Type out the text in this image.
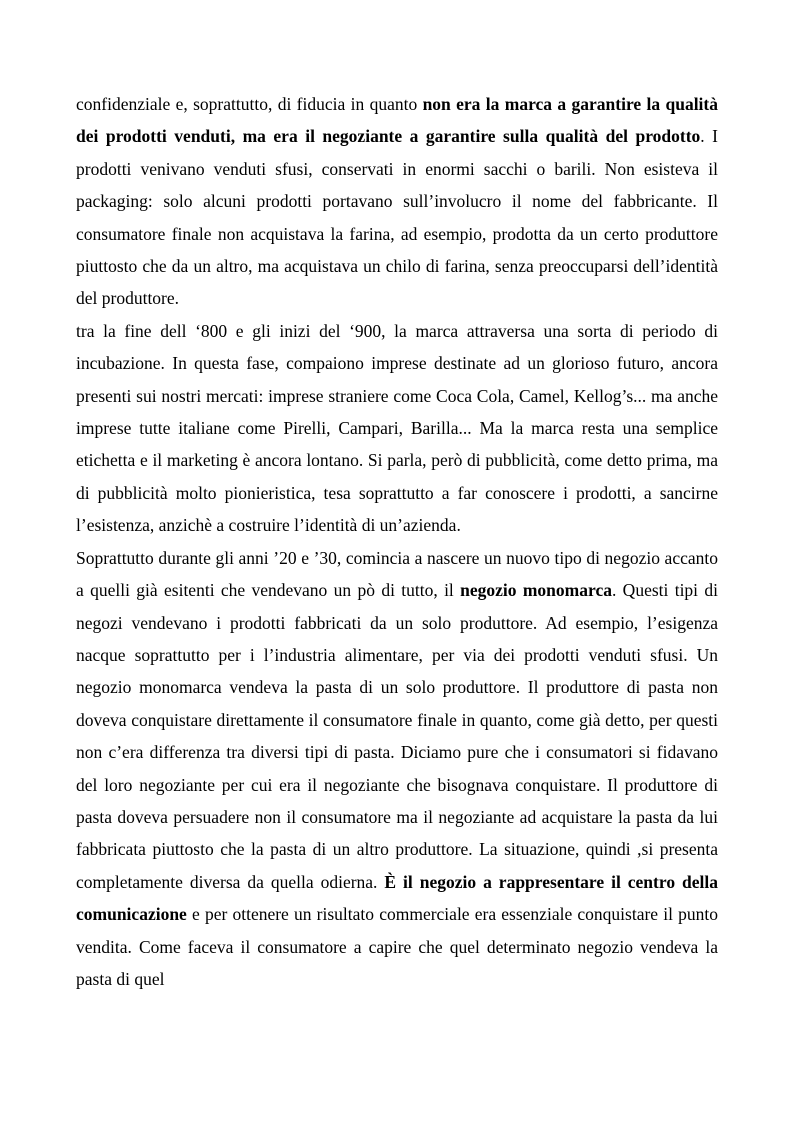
confidenziale e, soprattutto, di fiducia in quanto non era la marca a garantire la qualità dei prodotti venduti, ma era il negoziante a garantire sulla qualità del prodotto. I prodotti venivano venduti sfusi, conservati in enormi sacchi o barili. Non esisteva il packaging: solo alcuni prodotti portavano sull’involucro il nome del fabbricante. Il consumatore finale non acquistava la farina, ad esempio, prodotta da un certo produttore piuttosto che da un altro, ma acquistava un chilo di farina, senza preoccuparsi dell’identità del produttore.

tra la fine dell ‘800 e gli inizi del ‘900, la marca attraversa una sorta di periodo di incubazione. In questa fase, compaiono imprese destinate ad un glorioso futuro, ancora presenti sui nostri mercati: imprese straniere come Coca Cola, Camel, Kellog’s... ma anche imprese tutte italiane come Pirelli, Campari, Barilla... Ma la marca resta una semplice etichetta e il marketing è ancora lontano. Si parla, però di pubblicità, come detto prima, ma di pubblicità molto pionieristica, tesa soprattutto a far conoscere i prodotti, a sancirne l’esistenza, anzichè a costruire l’identità di un’azienda.

Soprattutto durante gli anni ’20 e ’30, comincia a nascere un nuovo tipo di negozio accanto a quelli già esitenti che vendevano un pò di tutto, il negozio monomarca. Questi tipi di negozi vendevano i prodotti fabbricati da un solo produttore. Ad esempio, l’esigenza nacque soprattutto per i l’industria alimentare, per via dei prodotti venduti sfusi. Un negozio monomarca vendeva la pasta di un solo produttore. Il produttore di pasta non doveva conquistare direttamente il consumatore finale in quanto, come già detto, per questi non c’era differenza tra diversi tipi di pasta. Diciamo pure che i consumatori si fidavano del loro negoziante per cui era il negoziante che bisognava conquistare. Il produttore di pasta doveva persuadere non il consumatore ma il negoziante ad acquistare la pasta da lui fabbricata piuttosto che la pasta di un altro produttore. La situazione, quindi ,si presenta completamente diversa da quella odierna. È il negozio a rappresentare il centro della comunicazione e per ottenere un risultato commerciale era essenziale conquistare il punto vendita. Come faceva il consumatore a capire che quel determinato negozio vendeva la pasta di quel
